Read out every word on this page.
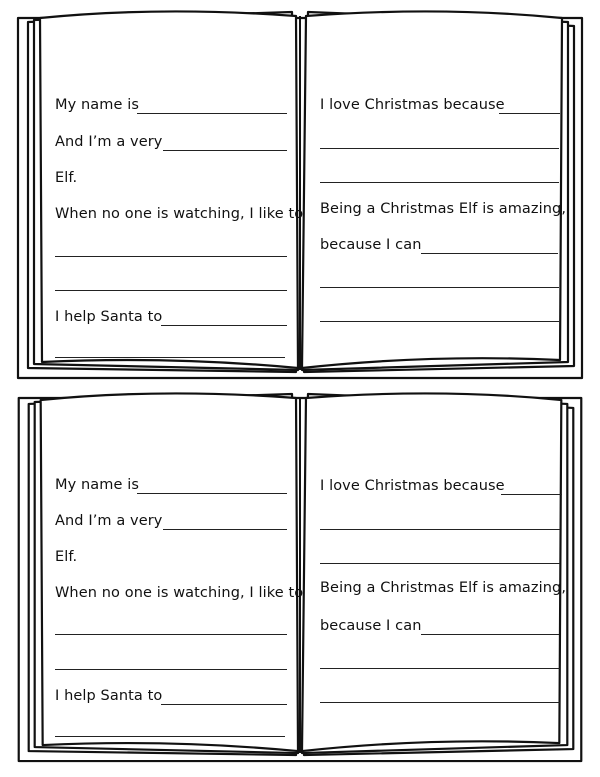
My name is
And I’m a very
Elf.
When no one is watching, I like to
I help Santa to
I love Christmas because
Being a Christmas Elf is amazing,
because I can
My name is
And I’m a very
Elf.
When no one is watching, I like to
I help Santa to
I love Christmas because
Being a Christmas Elf is amazing,
because I can
